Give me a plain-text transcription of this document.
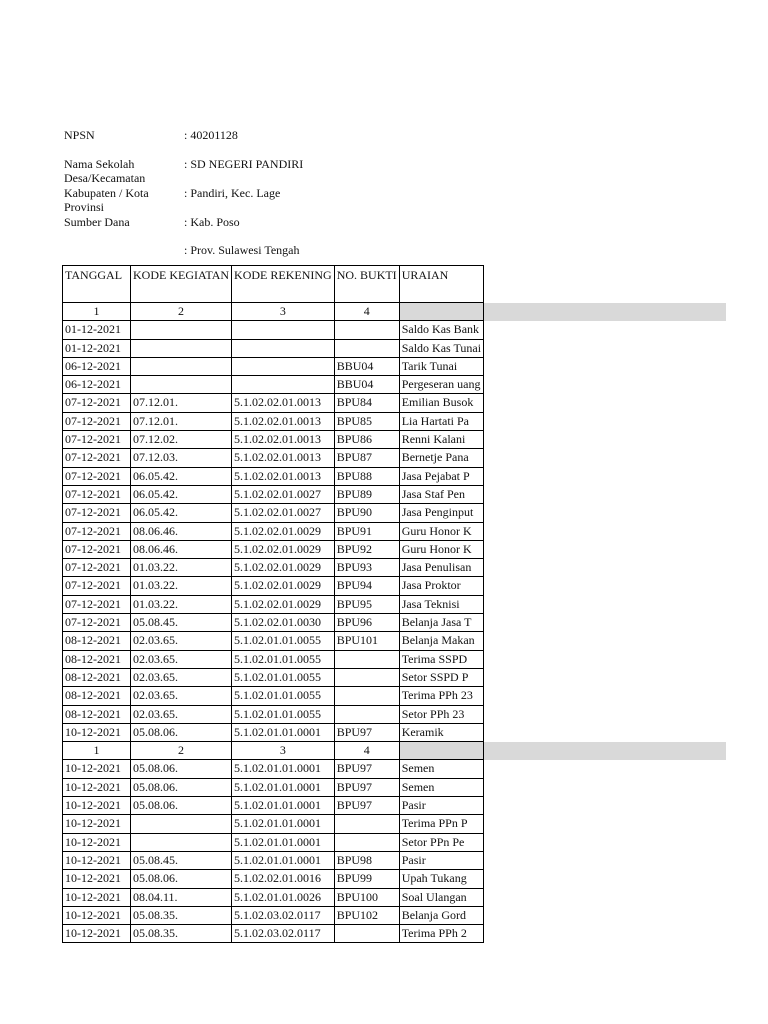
NPSN	: 40201128
Nama Sekolah	: SD NEGERI PANDIRI
Desa/Kecamatan
Kabupaten / Kota	: Pandiri, Kec. Lage
Provinsi
Sumber Dana	: Kab. Poso
: Prov. Sulawesi Tengah
TANGGAL	KODE KEGIATAN	KODE REKENING	NO. BUKTI	URAIAN
1	2	3	4	
01-12-2021				Saldo Kas Bank
01-12-2021				Saldo Kas Tunai
06-12-2021			BBU04	Tarik Tunai
06-12-2021			BBU04	Pergeseran uang
07-12-2021	07.12.01.	5.1.02.02.01.0013	BPU84	Emilian Busok
07-12-2021	07.12.01.	5.1.02.02.01.0013	BPU85	Lia Hartati Pa
07-12-2021	07.12.02.	5.1.02.02.01.0013	BPU86	Renni Kalani
07-12-2021	07.12.03.	5.1.02.02.01.0013	BPU87	Bernetje Pana
07-12-2021	06.05.42.	5.1.02.02.01.0013	BPU88	Jasa Pejabat P
07-12-2021	06.05.42.	5.1.02.02.01.0027	BPU89	Jasa Staf Pen
07-12-2021	06.05.42.	5.1.02.02.01.0027	BPU90	Jasa Penginput
07-12-2021	08.06.46.	5.1.02.02.01.0029	BPU91	Guru Honor K
07-12-2021	08.06.46.	5.1.02.02.01.0029	BPU92	Guru Honor K
07-12-2021	01.03.22.	5.1.02.02.01.0029	BPU93	Jasa Penulisan
07-12-2021	01.03.22.	5.1.02.02.01.0029	BPU94	Jasa Proktor
07-12-2021	01.03.22.	5.1.02.02.01.0029	BPU95	Jasa Teknisi
07-12-2021	05.08.45.	5.1.02.02.01.0030	BPU96	Belanja Jasa T
08-12-2021	02.03.65.	5.1.02.01.01.0055	BPU101	Belanja Makan
08-12-2021	02.03.65.	5.1.02.01.01.0055		Terima SSPD
08-12-2021	02.03.65.	5.1.02.01.01.0055		Setor SSPD P
08-12-2021	02.03.65.	5.1.02.01.01.0055		Terima PPh 23
08-12-2021	02.03.65.	5.1.02.01.01.0055		Setor PPh 23
10-12-2021	05.08.06.	5.1.02.01.01.0001	BPU97	Keramik
1	2	3	4	
10-12-2021	05.08.06.	5.1.02.01.01.0001	BPU97	Semen
10-12-2021	05.08.06.	5.1.02.01.01.0001	BPU97	Semen
10-12-2021	05.08.06.	5.1.02.01.01.0001	BPU97	Pasir
10-12-2021		5.1.02.01.01.0001		Terima PPn P
10-12-2021		5.1.02.01.01.0001		Setor PPn Pe
10-12-2021	05.08.45.	5.1.02.01.01.0001	BPU98	Pasir
10-12-2021	05.08.06.	5.1.02.02.01.0016	BPU99	Upah Tukang
10-12-2021	08.04.11.	5.1.02.01.01.0026	BPU100	Soal Ulangan
10-12-2021	05.08.35.	5.1.02.03.02.0117	BPU102	Belanja Gord
10-12-2021	05.08.35.	5.1.02.03.02.0117		Terima PPh 2
